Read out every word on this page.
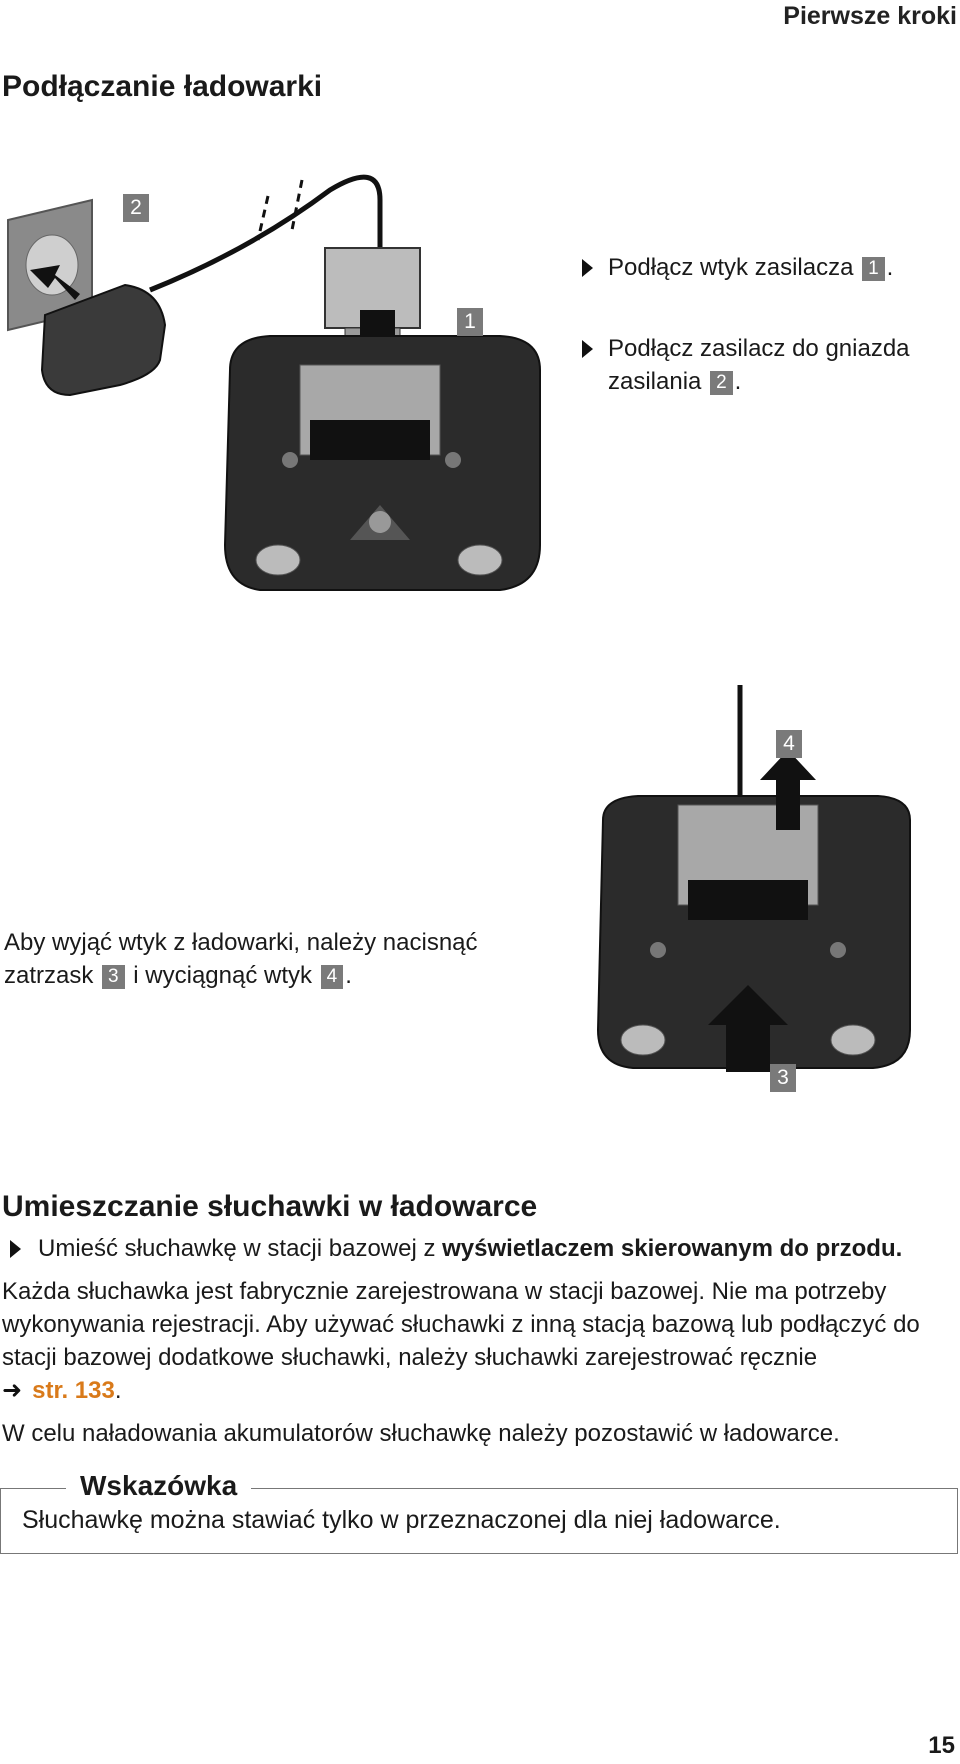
Pierwsze kroki
Podłączanie ładowarki
2
1
Podłącz wtyk zasilacza 1 .
Podłącz zasilacz do gniazda zasilania 2 .
Aby wyjąć wtyk z ładowarki, należy nacisnąć zatrzask 3 i wyciągnąć wtyk 4 .
4
3
Umieszczanie słuchawki w ładowarce
Umieść słuchawkę w stacji bazowej z wyświetlaczem skierowanym do przodu.
Każda słuchawka jest fabrycznie zarejestrowana w stacji bazowej. Nie ma potrzeby wykonywania rejestracji. Aby używać słuchawki z inną stacją bazową lub podłączyć do stacji bazowej dodatkowe słuchawki, należy słuchawki zarejestrować ręcznie
➜ str. 133.
W celu naładowania akumulatorów słuchawkę należy pozostawić w ładowarce.
Wskazówka
Słuchawkę można stawiać tylko w przeznaczonej dla niej ładowarce.
15
